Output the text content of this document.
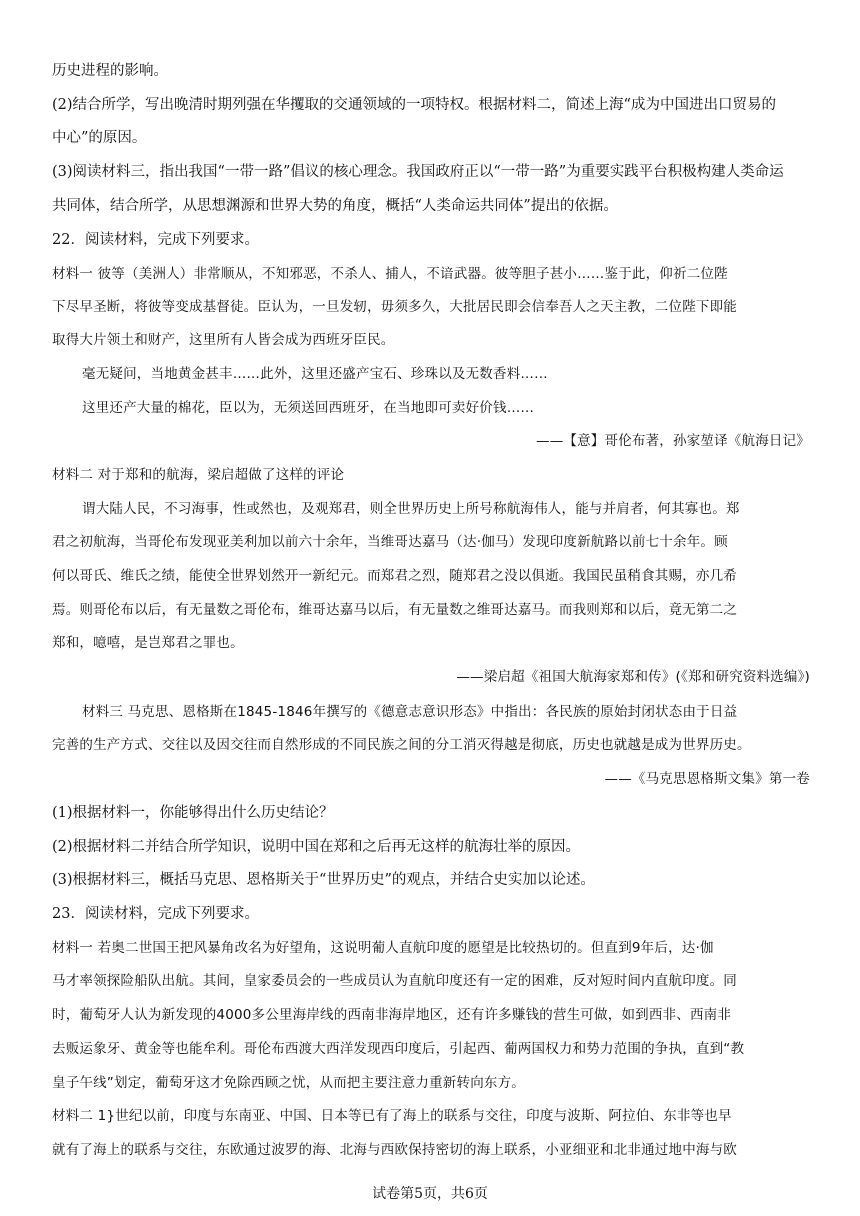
历史进程的影响。
(2)结合所学，写出晚清时期列强在华攫取的交通领域的一项特权。根据材料二，简述上海“成为中国进出口贸易的
中心”的原因。
(3)阅读材料三，指出我国“一带一路”倡议的核心理念。我国政府正以“一带一路”为重要实践平台积极构建人类命运
共同体，结合所学，从思想渊源和世界大势的角度，概括“人类命运共同体”提出的依据。
22．阅读材料，完成下列要求。
材料一 彼等（美洲人）非常顺从，不知邪恶，不杀人、捕人，不谙武器。彼等胆子甚小……鉴于此，仰祈二位陛
下尽早圣断，将彼等变成基督徒。臣认为，一旦发轫，毋须多久，大批居民即会信奉吾人之天主教，二位陛下即能
取得大片领土和财产，这里所有人皆会成为西班牙臣民。
毫无疑问，当地黄金甚丰……此外，这里还盛产宝石、珍珠以及无数香料……
这里还产大量的棉花，臣以为，无须送回西班牙，在当地即可卖好价钱……
——【意】哥伦布著，孙家堃译《航海日记》
材料二 对于郑和的航海，梁启超做了这样的评论
谓大陆人民，不习海事，性或然也，及观郑君，则全世界历史上所号称航海伟人，能与并肩者，何其寡也。郑
君之初航海，当哥伦布发现亚美利加以前六十余年，当维哥达嘉马（达·伽马）发现印度新航路以前七十余年。顾
何以哥氏、维氏之绩，能使全世界划然开一新纪元。而郑君之烈，随郑君之没以俱逝。我国民虽稍食其赐，亦几希
焉。则哥伦布以后，有无量数之哥伦布，维哥达嘉马以后，有无量数之维哥达嘉马。而我则郑和以后，竟无第二之
郑和，噫嘻，是岂郑君之罪也。
——梁启超《祖国大航海家郑和传》(《郑和研究资料选编》)
材料三 马克思、恩格斯在1845-1846年撰写的《德意志意识形态》中指出：各民族的原始封闭状态由于日益
完善的生产方式、交往以及因交往而自然形成的不同民族之间的分工消灭得越是彻底，历史也就越是成为世界历史。
——《马克思恩格斯文集》第一卷
(1)根据材料一，你能够得出什么历史结论？
(2)根据材料二并结合所学知识，说明中国在郑和之后再无这样的航海壮举的原因。
(3)根据材料三，概括马克思、恩格斯关于“世界历史”的观点，并结合史实加以论述。
23．阅读材料，完成下列要求。
材料一 若奥二世国王把风暴角改名为好望角，这说明葡人直航印度的愿望是比较热切的。但直到9年后，达·伽
马才率领探险船队出航。其间，皇家委员会的一些成员认为直航印度还有一定的困难，反对短时间内直航印度。同
时，葡萄牙人认为新发现的4000多公里海岸线的西南非海岸地区，还有许多赚钱的营生可做，如到西非、西南非
去贩运象牙、黄金等也能牟利。哥伦布西渡大西洋发现西印度后，引起西、葡两国权力和势力范围的争执，直到“教
皇子午线”划定，葡萄牙这才免除西顾之忧，从而把主要注意力重新转向东方。
材料二 1}世纪以前，印度与东南亚、中国、日本等已有了海上的联系与交往，印度与波斯、阿拉伯、东非等也早
就有了海上的联系与交往，东欧通过波罗的海、北海与西欧保持密切的海上联系，小亚细亚和北非通过地中海与欧
试卷第5页，共6页
